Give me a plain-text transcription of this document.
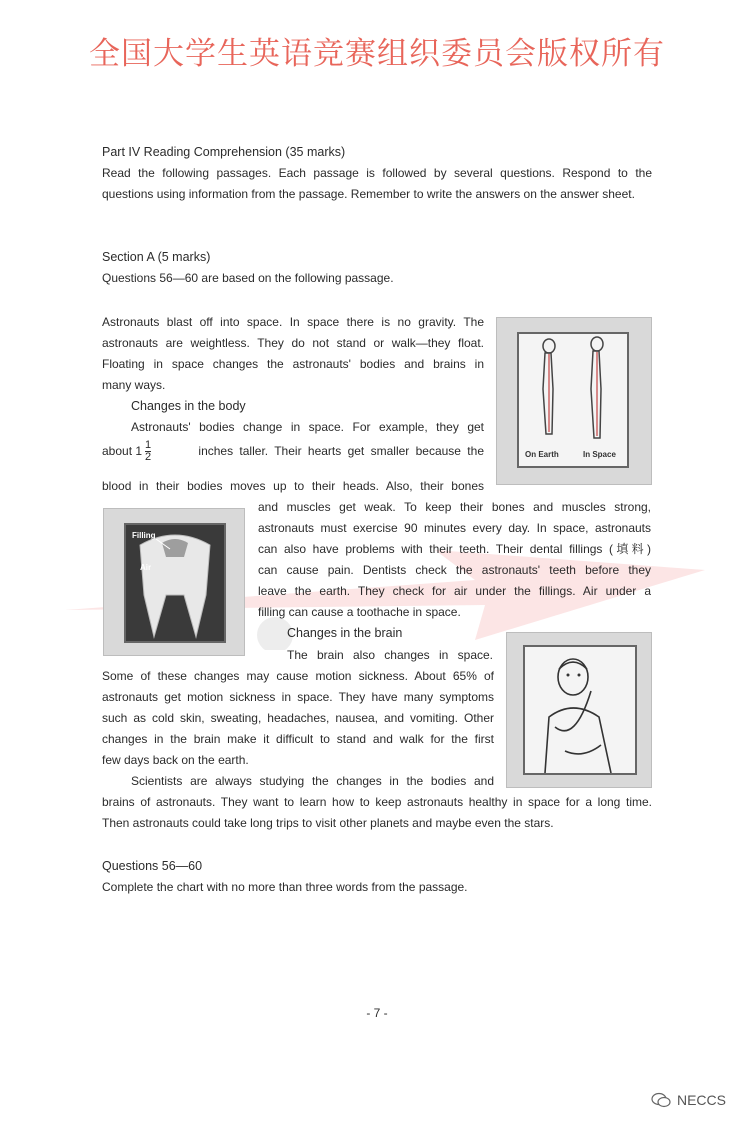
全国大学生英语竞赛组织委员会版权所有

Part IV Reading Comprehension (35 marks)

Read the following passages. Each passage is followed by several questions. Respond to the questions using information from the passage. Remember to write the answers on the answer sheet.

Section A (5 marks)

Questions 56—60 are based on the following passage.

Astronauts blast off into space. In space there is no gravity. The
astronauts are weightless. They do not stand or walk—they float.
Floating in space changes the astronauts' bodies and brains in
many ways.
Changes in the body
Astronauts' bodies change in space. For example, they get
about $1 \frac{1}{2}$	inches taller. Their hearts get smaller because the
blood in their bodies moves up to their heads. Also, their bones
and muscles get weak. To keep their bones and muscles strong,
astronauts must exercise 90 minutes every day. In space, astronauts
can also have problems with their teeth. Their dental fillings (填料)
can cause pain. Dentists check the astronauts' teeth before they
leave the earth. They check for air under the fillings. Air under a
filling can cause a toothache in space.
Changes in the brain
The brain also changes in space.
Some of these changes may cause motion sickness. About 65% of
astronauts get motion sickness in space. They have many symptoms
such as cold skin, sweating, headaches, nausea, and vomiting. Other
changes in the brain make it difficult to stand and walk for the first
few days back on the earth.
Scientists are always studying the changes in the bodies and
brains of astronauts. They want to learn how to keep astronauts healthy in space for a long time.
Then astronauts could take long trips to visit other planets and maybe even the stars.

Questions 56—60

Complete the chart with no more than three words from the passage.

On Earth	In Space
Filling
Air
- 7 -
NECCS
